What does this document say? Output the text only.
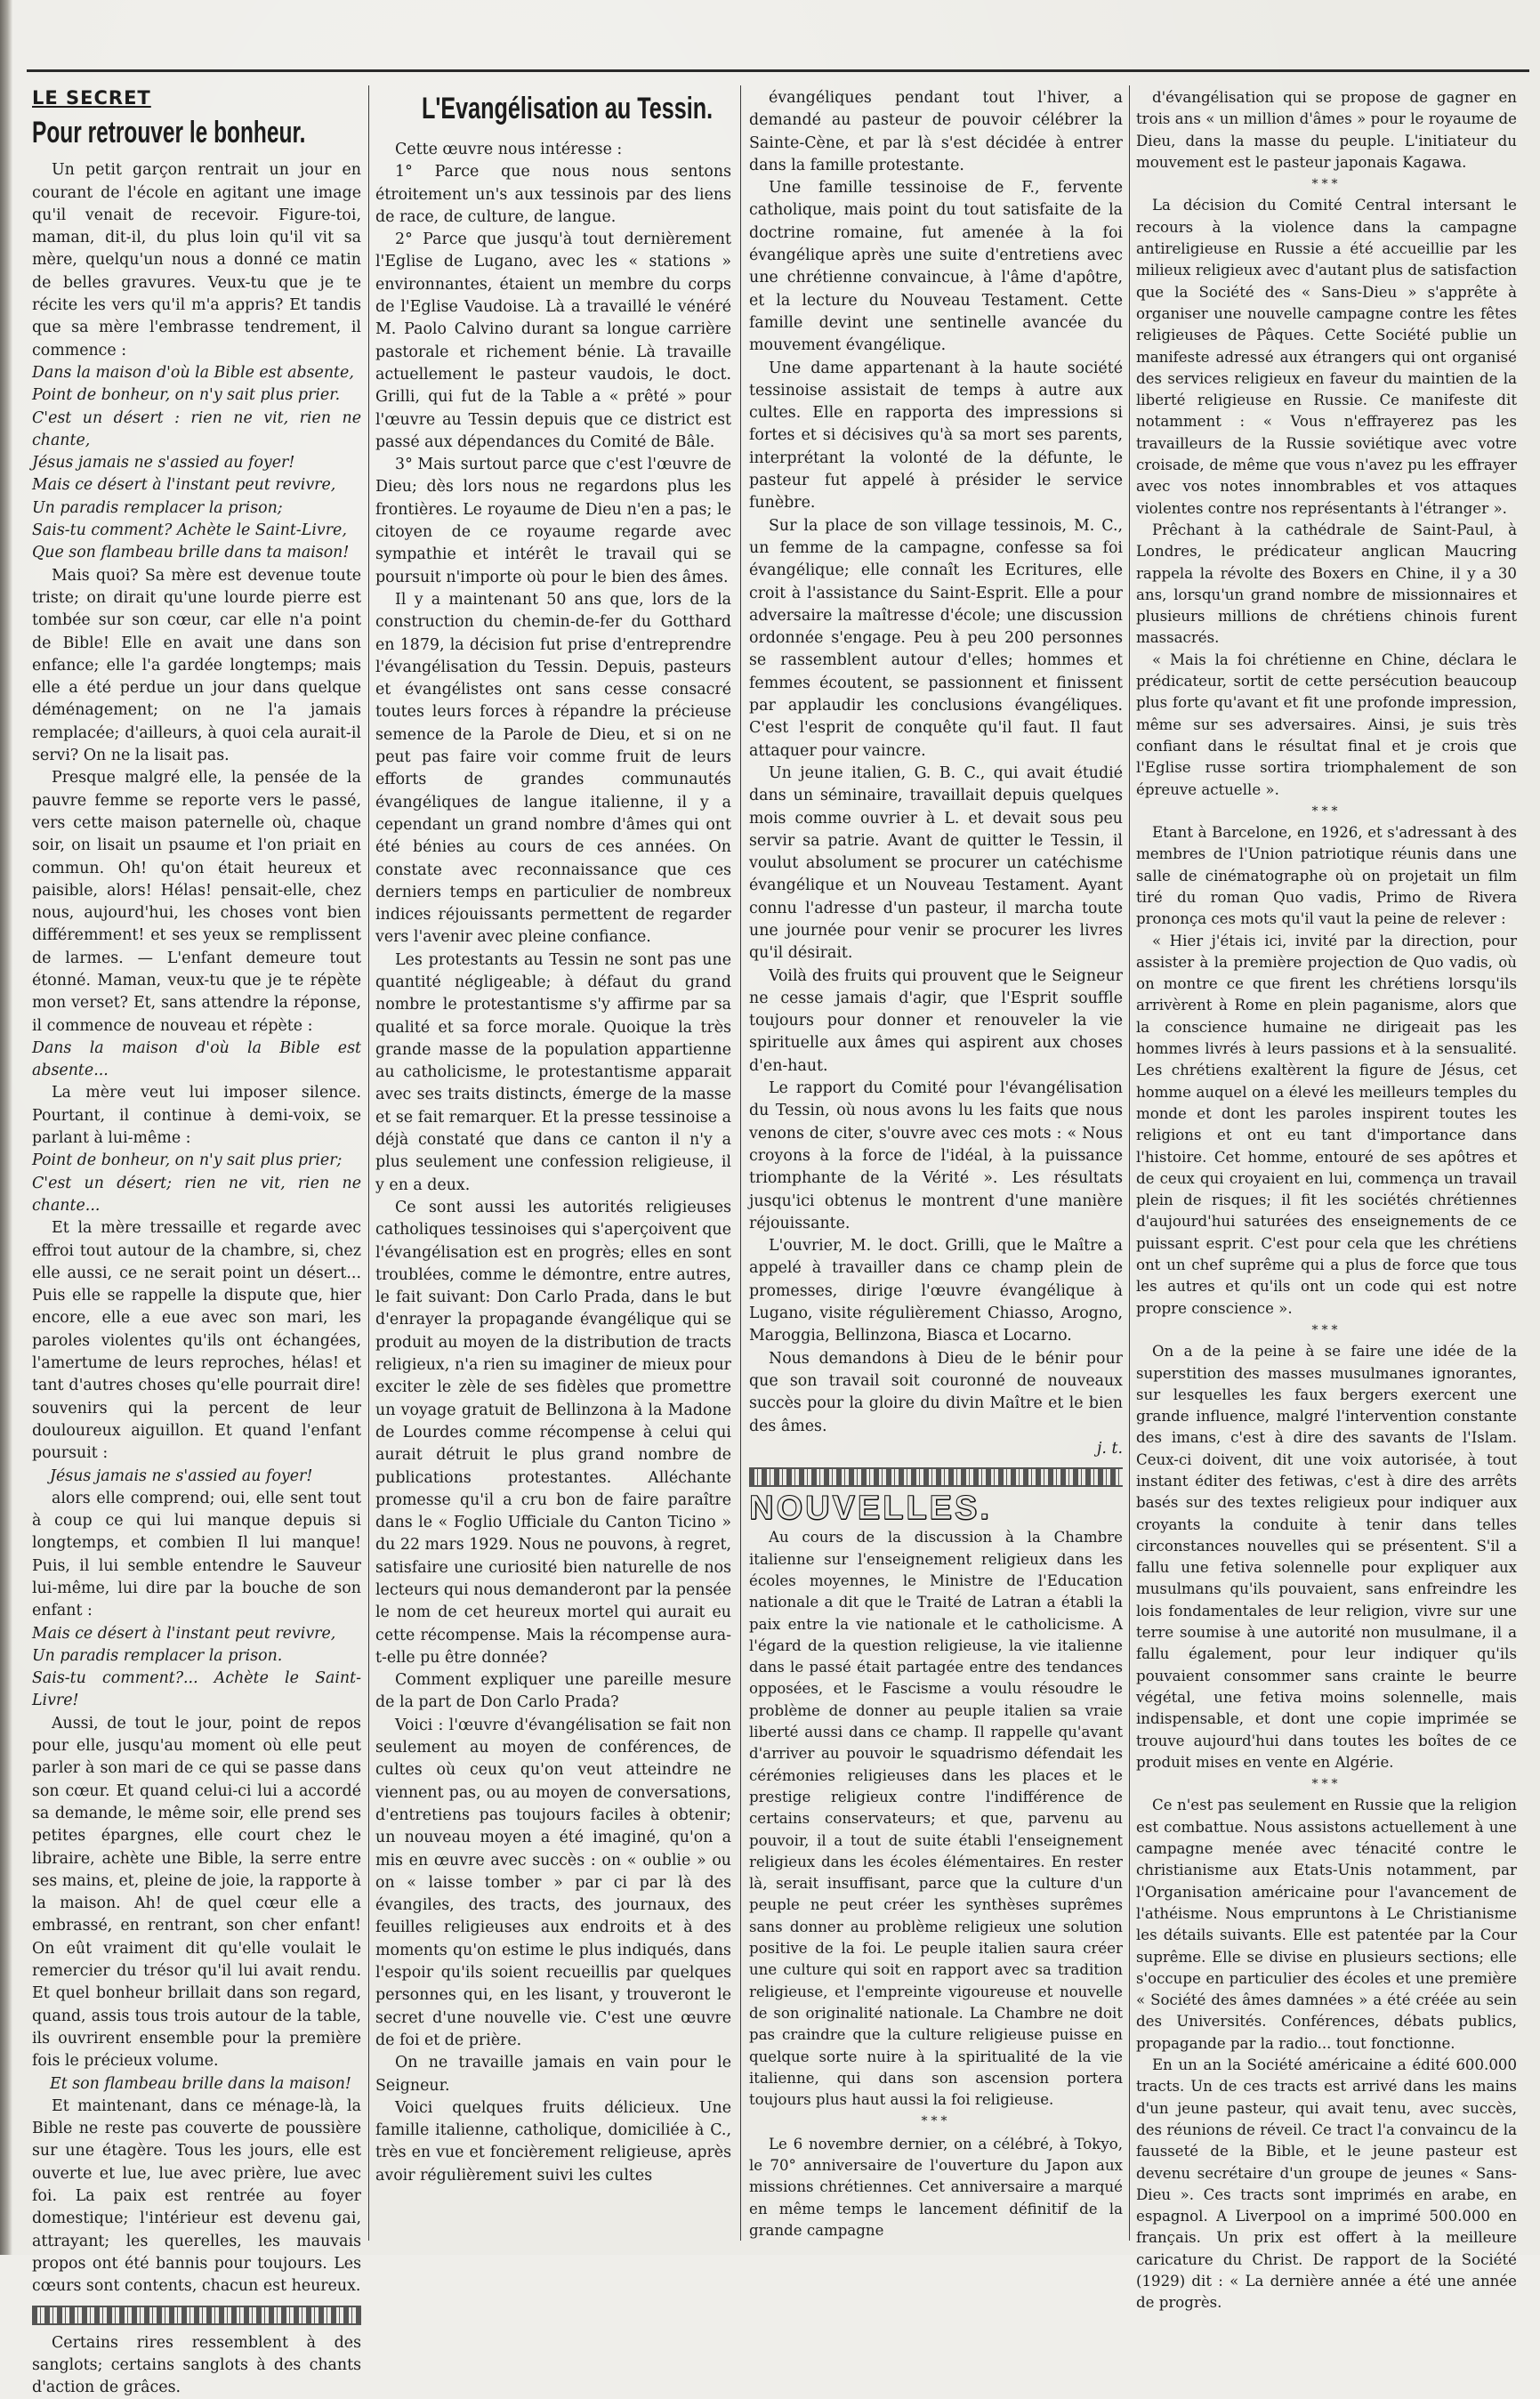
LE SECRET
Pour retrouver le bonheur.

Un petit garçon rentrait un jour en courant de l'école en agitant une image qu'il venait de recevoir. Figure-toi, maman, dit-il, du plus loin qu'il vit sa mère, quelqu'un nous a donné ce matin de belles gravures. Veux-tu que je te récite les vers qu'il m'a appris? Et tandis que sa mère l'embrasse tendrement, il commence :

Dans la maison d'où la Bible est absente,

Point de bonheur, on n'y sait plus prier.

C'est un désert : rien ne vit, rien ne chante,

Jésus jamais ne s'assied au foyer!

Mais ce désert à l'instant peut revivre,

Un paradis remplacer la prison;

Sais-tu comment? Achète le Saint-Livre,

Que son flambeau brille dans ta maison!

Mais quoi? Sa mère est devenue toute triste; on dirait qu'une lourde pierre est tombée sur son cœur, car elle n'a point de Bible! Elle en avait une dans son enfance; elle l'a gardée longtemps; mais elle a été perdue un jour dans quelque déménagement; on ne l'a jamais remplacée; d'ailleurs, à quoi cela aurait-il servi? On ne la lisait pas.

Presque malgré elle, la pensée de la pauvre femme se reporte vers le passé, vers cette maison paternelle où, chaque soir, on lisait un psaume et l'on priait en commun. Oh! qu'on était heureux et paisible, alors! Hélas! pensait-elle, chez nous, aujourd'hui, les choses vont bien différemment! et ses yeux se remplissent de larmes. — L'enfant demeure tout étonné. Maman, veux-tu que je te répète mon verset? Et, sans attendre la réponse, il commence de nouveau et répète :

Dans la maison d'où la Bible est absente...

La mère veut lui imposer silence. Pourtant, il continue à demi-voix, se parlant à lui-même :

Point de bonheur, on n'y sait plus prier;

C'est un désert; rien ne vit, rien ne chante...

Et la mère tressaille et regarde avec effroi tout autour de la chambre, si, chez elle aussi, ce ne serait point un désert... Puis elle se rappelle la dispute que, hier encore, elle a eue avec son mari, les paroles violentes qu'ils ont échangées, l'amertume de leurs reproches, hélas! et tant d'autres choses qu'elle pourrait dire! souvenirs qui la percent de leur douloureux aiguillon. Et quand l'enfant poursuit :

Jésus jamais ne s'assied au foyer!

alors elle comprend; oui, elle sent tout à coup ce qui lui manque depuis si longtemps, et combien Il lui manque! Puis, il lui semble entendre le Sauveur lui-même, lui dire par la bouche de son enfant :

Mais ce désert à l'instant peut revivre,

Un paradis remplacer la prison.

Sais-tu comment?... Achète le Saint-Livre!

Aussi, de tout le jour, point de repos pour elle, jusqu'au moment où elle peut parler à son mari de ce qui se passe dans son cœur. Et quand celui-ci lui a accordé sa demande, le même soir, elle prend ses petites épargnes, elle court chez le libraire, achète une Bible, la serre entre ses mains, et, pleine de joie, la rapporte à la maison. Ah! de quel cœur elle a embrassé, en rentrant, son cher enfant! On eût vraiment dit qu'elle voulait le remercier du trésor qu'il lui avait rendu. Et quel bonheur brillait dans son regard, quand, assis tous trois autour de la table, ils ouvrirent ensemble pour la première fois le précieux volume.

Et son flambeau brille dans la maison!

Et maintenant, dans ce ménage-là, la Bible ne reste pas couverte de poussière sur une étagère. Tous les jours, elle est ouverte et lue, lue avec prière, lue avec foi. La paix est rentrée au foyer domestique; l'intérieur est devenu gai, attrayant; les querelles, les mauvais propos ont été bannis pour toujours. Les cœurs sont contents, chacun est heureux.

Certains rires ressemblent à des sanglots; certains sanglots à des chants d'action de grâces.

L'Evangélisation au Tessin.

Cette œuvre nous intéresse :

1° Parce que nous nous sentons étroitement un's aux tessinois par des liens de race, de culture, de langue.

2° Parce que jusqu'à tout dernièrement l'Eglise de Lugano, avec les « stations » environnantes, étaient un membre du corps de l'Eglise Vaudoise. Là a travaillé le vénéré M. Paolo Calvino durant sa longue carrière pastorale et richement bénie. Là travaille actuellement le pasteur vaudois, le doct. Grilli, qui fut de la Table a « prêté » pour l'œuvre au Tessin depuis que ce district est passé aux dépendances du Comité de Bâle.

3° Mais surtout parce que c'est l'œuvre de Dieu; dès lors nous ne regardons plus les frontières. Le royaume de Dieu n'en a pas; le citoyen de ce royaume regarde avec sympathie et intérêt le travail qui se poursuit n'importe où pour le bien des âmes.

Il y a maintenant 50 ans que, lors de la construction du chemin-de-fer du Gotthard en 1879, la décision fut prise d'entreprendre l'évangélisation du Tessin. Depuis, pasteurs et évangélistes ont sans cesse consacré toutes leurs forces à répandre la précieuse semence de la Parole de Dieu, et si on ne peut pas faire voir comme fruit de leurs efforts de grandes communautés évangéliques de langue italienne, il y a cependant un grand nombre d'âmes qui ont été bénies au cours de ces années. On constate avec reconnaissance que ces derniers temps en particulier de nombreux indices réjouissants permettent de regarder vers l'avenir avec pleine confiance.

Les protestants au Tessin ne sont pas une quantité négligeable; à défaut du grand nombre le protestantisme s'y affirme par sa qualité et sa force morale. Quoique la très grande masse de la population appartienne au catholicisme, le protestantisme apparait avec ses traits distincts, émerge de la masse et se fait remarquer. Et la presse tessinoise a déjà constaté que dans ce canton il n'y a plus seulement une confession religieuse, il y en a deux.

Ce sont aussi les autorités religieuses catholiques tessinoises qui s'aperçoivent que l'évangélisation est en progrès; elles en sont troublées, comme le démontre, entre autres, le fait suivant: Don Carlo Prada, dans le but d'enrayer la propagande évangélique qui se produit au moyen de la distribution de tracts religieux, n'a rien su imaginer de mieux pour exciter le zèle de ses fidèles que promettre un voyage gratuit de Bellinzona à la Madone de Lourdes comme récompense à celui qui aurait détruit le plus grand nombre de publications protestantes. Alléchante promesse qu'il a cru bon de faire paraître dans le « Foglio Ufficiale du Canton Ticino » du 22 mars 1929. Nous ne pouvons, à regret, satisfaire une curiosité bien naturelle de nos lecteurs qui nous demanderont par la pensée le nom de cet heureux mortel qui aurait eu cette récompense. Mais la récompense aura-t-elle pu être donnée?

Comment expliquer une pareille mesure de la part de Don Carlo Prada?

Voici : l'œuvre d'évangélisation se fait non seulement au moyen de conférences, de cultes où ceux qu'on veut atteindre ne viennent pas, ou au moyen de conversations, d'entretiens pas toujours faciles à obtenir; un nouveau moyen a été imaginé, qu'on a mis en œuvre avec succès : on « oublie » ou on « laisse tomber » par ci par là des évangiles, des tracts, des journaux, des feuilles religieuses aux endroits et à des moments qu'on estime le plus indiqués, dans l'espoir qu'ils soient recueillis par quelques personnes qui, en les lisant, y trouveront le secret d'une nouvelle vie. C'est une œuvre de foi et de prière.

On ne travaille jamais en vain pour le Seigneur.

Voici quelques fruits délicieux. Une famille italienne, catholique, domiciliée à C., très en vue et foncièrement religieuse, après avoir régulièrement suivi les cultes

évangéliques pendant tout l'hiver, a demandé au pasteur de pouvoir célébrer la Sainte-Cène, et par là s'est décidée à entrer dans la famille protestante.

Une famille tessinoise de F., fervente catholique, mais point du tout satisfaite de la doctrine romaine, fut amenée à la foi évangélique après une suite d'entretiens avec une chrétienne convaincue, à l'âme d'apôtre, et la lecture du Nouveau Testament. Cette famille devint une sentinelle avancée du mouvement évangélique.

Une dame appartenant à la haute société tessinoise assistait de temps à autre aux cultes. Elle en rapporta des impressions si fortes et si décisives qu'à sa mort ses parents, interprétant la volonté de la défunte, le pasteur fut appelé à présider le service funèbre.

Sur la place de son village tessinois, M. C., un femme de la campagne, confesse sa foi évangélique; elle connaît les Ecritures, elle croit à l'assistance du Saint-Esprit. Elle a pour adversaire la maîtresse d'école; une discussion ordonnée s'engage. Peu à peu 200 personnes se rassemblent autour d'elles; hommes et femmes écoutent, se passionnent et finissent par applaudir les conclusions évangéliques. C'est l'esprit de conquête qu'il faut. Il faut attaquer pour vaincre.

Un jeune italien, G. B. C., qui avait étudié dans un séminaire, travaillait depuis quelques mois comme ouvrier à L. et devait sous peu servir sa patrie. Avant de quitter le Tessin, il voulut absolument se procurer un catéchisme évangélique et un Nouveau Testament. Ayant connu l'adresse d'un pasteur, il marcha toute une journée pour venir se procurer les livres qu'il désirait.

Voilà des fruits qui prouvent que le Seigneur ne cesse jamais d'agir, que l'Esprit souffle toujours pour donner et renouveler la vie spirituelle aux âmes qui aspirent aux choses d'en-haut.

Le rapport du Comité pour l'évangélisation du Tessin, où nous avons lu les faits que nous venons de citer, s'ouvre avec ces mots : « Nous croyons à la force de l'idéal, à la puissance triomphante de la Vérité ». Les résultats jusqu'ici obtenus le montrent d'une manière réjouissante.

L'ouvrier, M. le doct. Grilli, que le Maître a appelé à travailler dans ce champ plein de promesses, dirige l'œuvre évangélique à Lugano, visite régulièrement Chiasso, Arogno, Maroggia, Bellinzona, Biasca et Locarno.

Nous demandons à Dieu de le bénir pour que son travail soit couronné de nouveaux succès pour la gloire du divin Maître et le bien des âmes.

j. t.

NOUVELLES.

Au cours de la discussion à la Chambre italienne sur l'enseignement religieux dans les écoles moyennes, le Ministre de l'Education nationale a dit que le Traité de Latran a établi la paix entre la vie nationale et le catholicisme. A l'égard de la question religieuse, la vie italienne dans le passé était partagée entre des tendances opposées, et le Fascisme a voulu résoudre le problème de donner au peuple italien sa vraie liberté aussi dans ce champ. Il rappelle qu'avant d'arriver au pouvoir le squadrismo défendait les cérémonies religieuses dans les places et le prestige religieux contre l'indifférence de certains conservateurs; et que, parvenu au pouvoir, il a tout de suite établi l'enseignement religieux dans les écoles élémentaires. En rester là, serait insuffisant, parce que la culture d'un peuple ne peut créer les synthèses suprêmes sans donner au problème religieux une solution positive de la foi. Le peuple italien saura créer une culture qui soit en rapport avec sa tradition religieuse, et l'empreinte vigoureuse et nouvelle de son originalité nationale. La Chambre ne doit pas craindre que la culture religieuse puisse en quelque sorte nuire à la spiritualité de la vie italienne, qui dans son ascension portera toujours plus haut aussi la foi religieuse.

***

Le 6 novembre dernier, on a célébré, à Tokyo, le 70° anniversaire de l'ouverture du Japon aux missions chrétiennes. Cet anniversaire a marqué en même temps le lancement définitif de la grande campagne

d'évangélisation qui se propose de gagner en trois ans « un million d'âmes » pour le royaume de Dieu, dans la masse du peuple. L'initiateur du mouvement est le pasteur japonais Kagawa.

***

La décision du Comité Central intersant le recours à la violence dans la campagne antireligieuse en Russie a été accueillie par les milieux religieux avec d'autant plus de satisfaction que la Société des « Sans-Dieu » s'apprête à organiser une nouvelle campagne contre les fêtes religieuses de Pâques. Cette Société publie un manifeste adressé aux étrangers qui ont organisé des services religieux en faveur du maintien de la liberté religieuse en Russie. Ce manifeste dit notamment : « Vous n'effrayerez pas les travailleurs de la Russie soviétique avec votre croisade, de même que vous n'avez pu les effrayer avec vos notes innombrables et vos attaques violentes contre nos représentants à l'étranger ».

Prêchant à la cathédrale de Saint-Paul, à Londres, le prédicateur anglican Maucring rappela la révolte des Boxers en Chine, il y a 30 ans, lorsqu'un grand nombre de missionnaires et plusieurs millions de chrétiens chinois furent massacrés.

« Mais la foi chrétienne en Chine, déclara le prédicateur, sortit de cette persécution beaucoup plus forte qu'avant et fit une profonde impression, même sur ses adversaires. Ainsi, je suis très confiant dans le résultat final et je crois que l'Eglise russe sortira triomphalement de son épreuve actuelle ».

***

Etant à Barcelone, en 1926, et s'adressant à des membres de l'Union patriotique réunis dans une salle de cinématographe où on projetait un film tiré du roman Quo vadis, Primo de Rivera prononça ces mots qu'il vaut la peine de relever :

« Hier j'étais ici, invité par la direction, pour assister à la première projection de Quo vadis, où on montre ce que firent les chrétiens lorsqu'ils arrivèrent à Rome en plein paganisme, alors que la conscience humaine ne dirigeait pas les hommes livrés à leurs passions et à la sensualité. Les chrétiens exaltèrent la figure de Jésus, cet homme auquel on a élevé les meilleurs temples du monde et dont les paroles inspirent toutes les religions et ont eu tant d'importance dans l'histoire. Cet homme, entouré de ses apôtres et de ceux qui croyaient en lui, commença un travail plein de risques; il fit les sociétés chrétiennes d'aujourd'hui saturées des enseignements de ce puissant esprit. C'est pour cela que les chrétiens ont un chef suprême qui a plus de force que tous les autres et qu'ils ont un code qui est notre propre conscience ».

***

On a de la peine à se faire une idée de la superstition des masses musulmanes ignorantes, sur lesquelles les faux bergers exercent une grande influence, malgré l'intervention constante des imans, c'est à dire des savants de l'Islam. Ceux-ci doivent, dit une voix autorisée, à tout instant éditer des fetiwas, c'est à dire des arrêts basés sur des textes religieux pour indiquer aux croyants la conduite à tenir dans telles circonstances nouvelles qui se présentent. S'il a fallu une fetiva solennelle pour expliquer aux musulmans qu'ils pouvaient, sans enfreindre les lois fondamentales de leur religion, vivre sur une terre soumise à une autorité non musulmane, il a fallu également, pour leur indiquer qu'ils pouvaient consommer sans crainte le beurre végétal, une fetiva moins solennelle, mais indispensable, et dont une copie imprimée se trouve aujourd'hui dans toutes les boîtes de ce produit mises en vente en Algérie.

***

Ce n'est pas seulement en Russie que la religion est combattue. Nous assistons actuellement à une campagne menée avec ténacité contre le christianisme aux Etats-Unis notamment, par l'Organisation américaine pour l'avancement de l'athéisme. Nous empruntons à Le Christianisme les détails suivants. Elle est patentée par la Cour suprême. Elle se divise en plusieurs sections; elle s'occupe en particulier des écoles et une première « Société des âmes damnées » a été créée au sein des Universités. Conférences, débats publics, propagande par la radio... tout fonctionne.

En un an la Société américaine a édité 600.000 tracts. Un de ces tracts est arrivé dans les mains d'un jeune pasteur, qui avait tenu, avec succès, des réunions de réveil. Ce tract l'a convaincu de la fausseté de la Bible, et le jeune pasteur est devenu secrétaire d'un groupe de jeunes « Sans-Dieu ». Ces tracts sont imprimés en arabe, en espagnol. A Liverpool on a imprimé 500.000 en français. Un prix est offert à la meilleure caricature du Christ. De rapport de la Société (1929) dit : « La dernière année a été une année de progrès.
